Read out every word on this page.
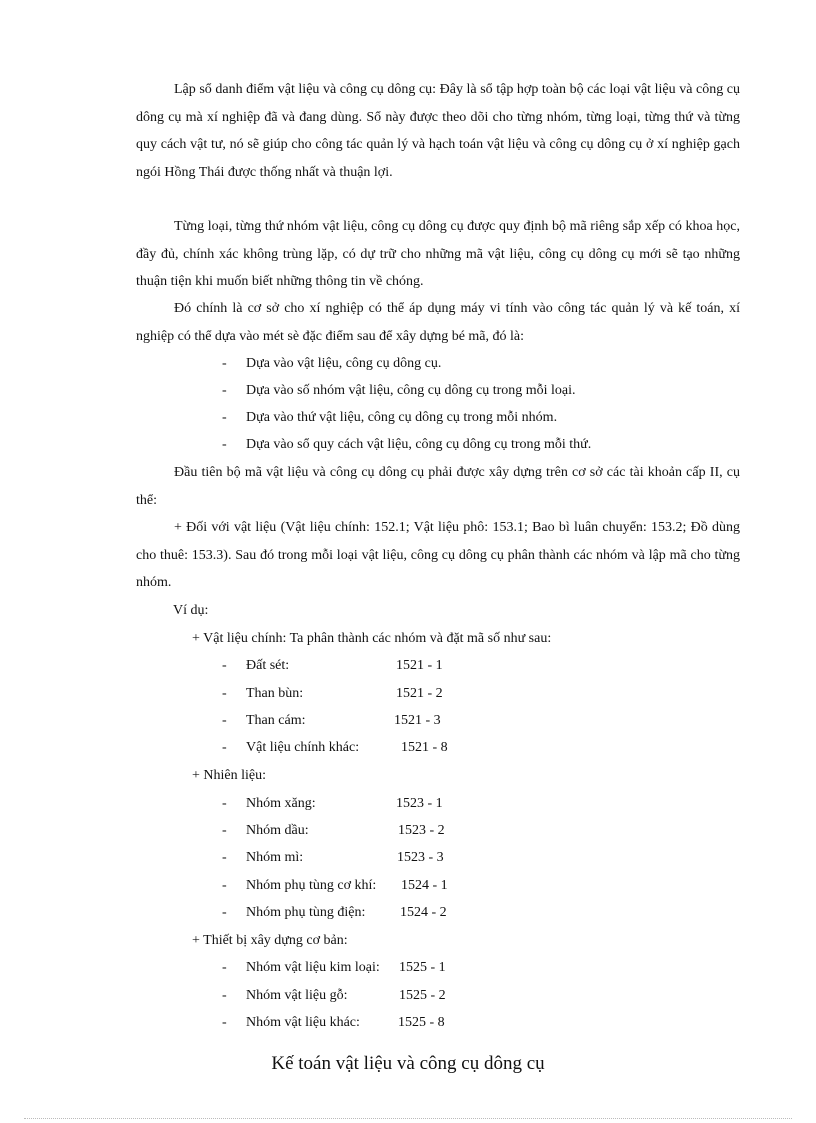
Lập sổ danh điểm vật liệu và công cụ dông cụ: Đây là sổ tập hợp toàn bộ các loại vật liệu và công cụ dông cụ mà xí nghiệp đã và đang dùng. Sổ này được theo dõi cho từng nhóm, từng loại, từng thứ và từng quy cách vật tư, nó sẽ giúp cho công tác quản lý và hạch toán vật liệu và công cụ dông cụ ở xí nghiệp gạch ngói Hồng Thái được thống nhất và thuận lợi.

Từng loại, từng thứ nhóm vật liệu, công cụ dông cụ được quy định bộ mã riêng sắp xếp có khoa học, đầy đủ, chính xác không trùng lặp, có dự trữ cho những mã vật liệu, công cụ dông cụ mới sẽ tạo những thuận tiện khi muốn biết những thông tin về chóng.

Đó chính là cơ sở cho xí nghiệp có thể áp dụng máy vi tính vào công tác quản lý và kế toán, xí nghiệp có thể dựa vào mét sè đặc điểm sau để xây dựng bé mã, đó là:

- Dựa vào vật liệu, công cụ dông cụ.
- Dựa vào số nhóm vật liệu, công cụ dông cụ trong mỗi loại.
- Dựa vào thứ vật liệu, công cụ dông cụ trong mỗi nhóm.
- Dựa vào sổ quy cách vật liệu, công cụ dông cụ trong mỗi thứ.

Đầu tiên bộ mã vật liệu và công cụ dông cụ phải được xây dựng trên cơ sở các tài khoản cấp II, cụ thể:

+ Đối với vật liệu (Vật liệu chính: 152.1; Vật liệu phô: 153.1; Bao bì luân chuyển: 153.2; Đồ dùng cho thuê: 153.3). Sau đó trong mỗi loại vật liệu, công cụ dông cụ phân thành các nhóm và lập mã cho từng nhóm.

Ví dụ:
+ Vật liệu chính: Ta phân thành các nhóm và đặt mã số như sau:
- Đất sét:	1521 - 1
- Than bùn:	1521 - 2
- Than cám:	1521 - 3
- Vật liệu chính khác:	1521 - 8
+ Nhiên liệu:
- Nhóm xăng:	1523 - 1
- Nhóm dầu:	1523 - 2
- Nhóm mì:	1523 - 3
- Nhóm phụ tùng cơ khí: 1524 - 1
- Nhóm phụ tùng điện: 1524 - 2
+ Thiết bị xây dựng cơ bản:
- Nhóm vật liệu kim loại: 1525 - 1
- Nhóm vật liệu gỗ:	1525 - 2
- Nhóm vật liệu khác:	1525 - 8
Kế toán vật liệu và công cụ dông cụ
